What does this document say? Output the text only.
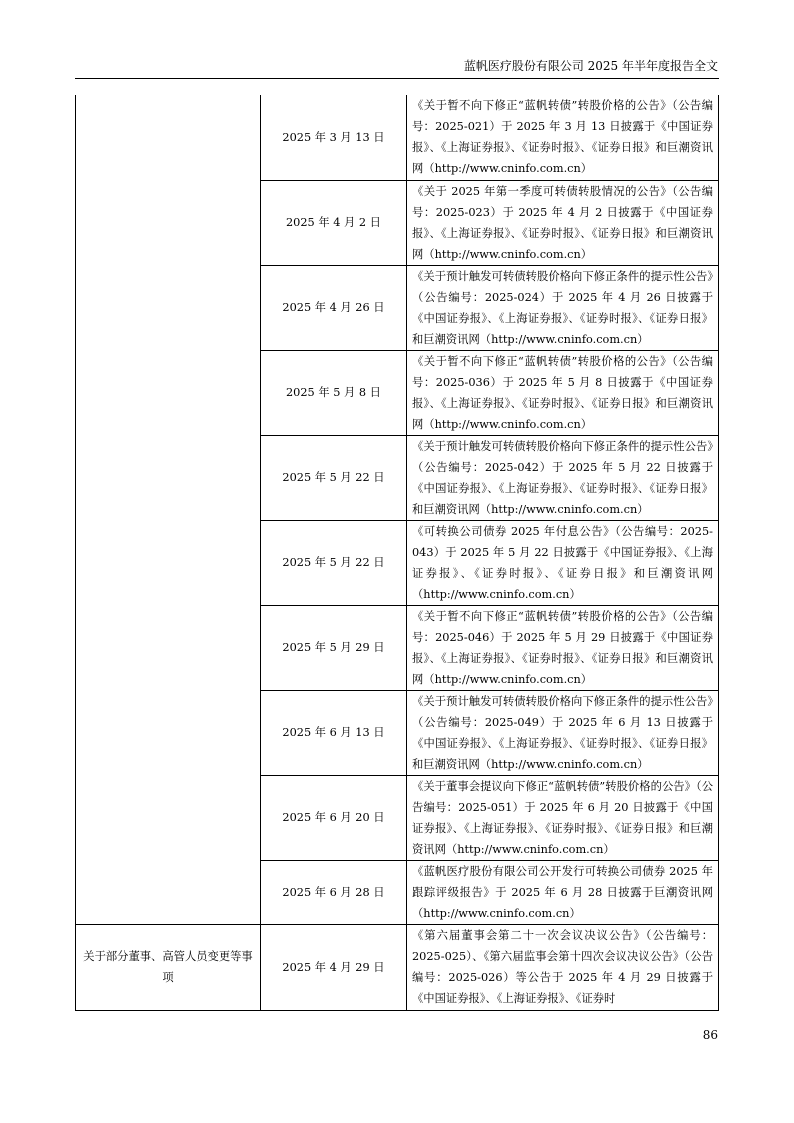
蓝帆医疗股份有限公司 2025 年半年度报告全文
	2025 年 3 月 13 日	《关于暂不向下修正“蓝帆转债”转股价格的公告》（公告编号：2025-021）于 2025 年 3 月 13 日披露于《中国证券报》、《上海证券报》、《证券时报》、《证券日报》和巨潮资讯网（http://www.cninfo.com.cn）
	2025 年 4 月 2 日	《关于 2025 年第一季度可转债转股情况的公告》（公告编号：2025-023）于 2025 年 4 月 2 日披露于《中国证券报》、《上海证券报》、《证券时报》、《证券日报》和巨潮资讯网（http://www.cninfo.com.cn）
	2025 年 4 月 26 日	《关于预计触发可转债转股价格向下修正条件的提示性公告》（公告编号：2025-024）于 2025 年 4 月 26 日披露于《中国证券报》、《上海证券报》、《证券时报》、《证券日报》和巨潮资讯网（http://www.cninfo.com.cn）
	2025 年 5 月 8 日	《关于暂不向下修正“蓝帆转债”转股价格的公告》（公告编号：2025-036）于 2025 年 5 月 8 日披露于《中国证券报》、《上海证券报》、《证券时报》、《证券日报》和巨潮资讯网（http://www.cninfo.com.cn）
	2025 年 5 月 22 日	《关于预计触发可转债转股价格向下修正条件的提示性公告》（公告编号：2025-042）于 2025 年 5 月 22 日披露于《中国证券报》、《上海证券报》、《证券时报》、《证券日报》和巨潮资讯网（http://www.cninfo.com.cn）
	2025 年 5 月 22 日	《可转换公司债券 2025 年付息公告》（公告编号：2025-043）于 2025 年 5 月 22 日披露于《中国证券报》、《上海证券报》、《证券时报》、《证券日报》和巨潮资讯网（http://www.cninfo.com.cn）
	2025 年 5 月 29 日	《关于暂不向下修正“蓝帆转债”转股价格的公告》（公告编号：2025-046）于 2025 年 5 月 29 日披露于《中国证券报》、《上海证券报》、《证券时报》、《证券日报》和巨潮资讯网（http://www.cninfo.com.cn）
	2025 年 6 月 13 日	《关于预计触发可转债转股价格向下修正条件的提示性公告》（公告编号：2025-049）于 2025 年 6 月 13 日披露于《中国证券报》、《上海证券报》、《证券时报》、《证券日报》和巨潮资讯网（http://www.cninfo.com.cn）
	2025 年 6 月 20 日	《关于董事会提议向下修正“蓝帆转债”转股价格的公告》（公告编号：2025-051）于 2025 年 6 月 20 日披露于《中国证券报》、《上海证券报》、《证券时报》、《证券日报》和巨潮资讯网（http://www.cninfo.com.cn）
	2025 年 6 月 28 日	《蓝帆医疗股份有限公司公开发行可转换公司债券 2025 年跟踪评级报告》于 2025 年 6 月 28 日披露于巨潮资讯网（http://www.cninfo.com.cn）
关于部分董事、高管人员变更等事项	2025 年 4 月 29 日	《第六届董事会第二十一次会议决议公告》（公告编号：2025-025）、《第六届监事会第十四次会议决议公告》（公告编号：2025-026）等公告于 2025 年 4 月 29 日披露于《中国证券报》、《上海证券报》、《证券时
86
